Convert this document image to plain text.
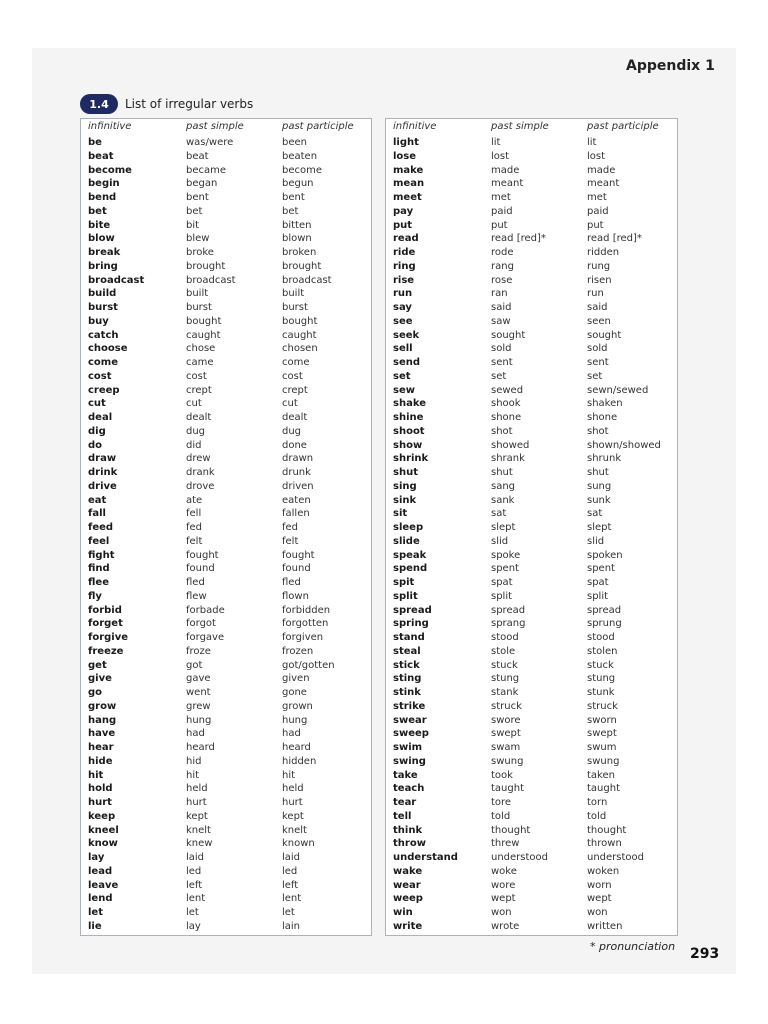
Appendix 1
1.4	List of irregular verbs
infinitive	past simple	past participle
be	was/were	been
beat	beat	beaten
become	became	become
begin	began	begun
bend	bent	bent
bet	bet	bet
bite	bit	bitten
blow	blew	blown
break	broke	broken
bring	brought	brought
broadcast	broadcast	broadcast
build	built	built
burst	burst	burst
buy	bought	bought
catch	caught	caught
choose	chose	chosen
come	came	come
cost	cost	cost
creep	crept	crept
cut	cut	cut
deal	dealt	dealt
dig	dug	dug
do	did	done
draw	drew	drawn
drink	drank	drunk
drive	drove	driven
eat	ate	eaten
fall	fell	fallen
feed	fed	fed
feel	felt	felt
fight	fought	fought
find	found	found
flee	fled	fled
fly	flew	flown
forbid	forbade	forbidden
forget	forgot	forgotten
forgive	forgave	forgiven
freeze	froze	frozen
get	got	got/gotten
give	gave	given
go	went	gone
grow	grew	grown
hang	hung	hung
have	had	had
hear	heard	heard
hide	hid	hidden
hit	hit	hit
hold	held	held
hurt	hurt	hurt
keep	kept	kept
kneel	knelt	knelt
know	knew	known
lay	laid	laid
lead	led	led
leave	left	left
lend	lent	lent
let	let	let
lie	lay	lain
infinitive	past simple	past participle
light	lit	lit
lose	lost	lost
make	made	made
mean	meant	meant
meet	met	met
pay	paid	paid
put	put	put
read	read [red]*	read [red]*
ride	rode	ridden
ring	rang	rung
rise	rose	risen
run	ran	run
say	said	said
see	saw	seen
seek	sought	sought
sell	sold	sold
send	sent	sent
set	set	set
sew	sewed	sewn/sewed
shake	shook	shaken
shine	shone	shone
shoot	shot	shot
show	showed	shown/showed
shrink	shrank	shrunk
shut	shut	shut
sing	sang	sung
sink	sank	sunk
sit	sat	sat
sleep	slept	slept
slide	slid	slid
speak	spoke	spoken
spend	spent	spent
spit	spat	spat
split	split	split
spread	spread	spread
spring	sprang	sprung
stand	stood	stood
steal	stole	stolen
stick	stuck	stuck
sting	stung	stung
stink	stank	stunk
strike	struck	struck
swear	swore	sworn
sweep	swept	swept
swim	swam	swum
swing	swung	swung
take	took	taken
teach	taught	taught
tear	tore	torn
tell	told	told
think	thought	thought
throw	threw	thrown
understand	understood	understood
wake	woke	woken
wear	wore	worn
weep	wept	wept
win	won	won
write	wrote	written
* pronunciation 293
